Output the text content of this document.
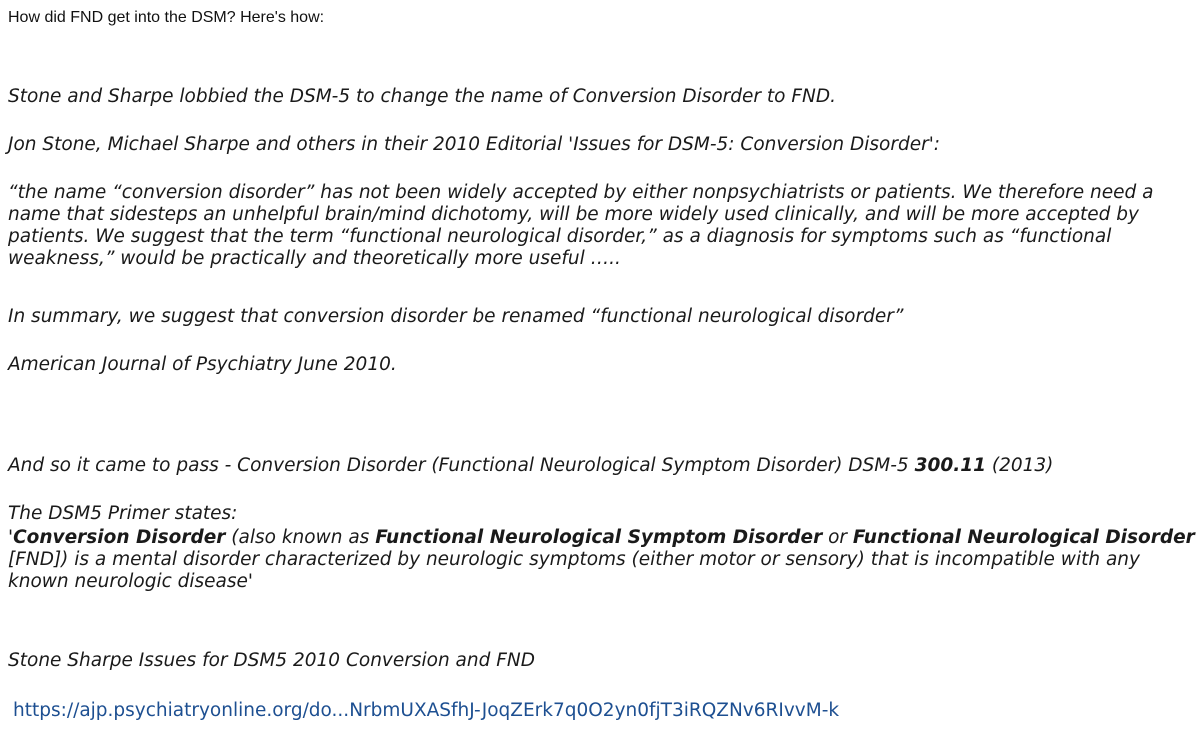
How did FND get into the DSM? Here's how:
Stone and Sharpe lobbied the DSM-5 to change the name of Conversion Disorder to FND.
Jon Stone, Michael Sharpe and others in their 2010 Editorial 'Issues for DSM-5: Conversion Disorder':
“the name “conversion disorder” has not been widely accepted by either nonpsychiatrists or patients. We therefore need a name that sidesteps an unhelpful brain/mind dichotomy, will be more widely used clinically, and will be more accepted by patients. We suggest that the term “functional neurological disorder,” as a diagnosis for symptoms such as “functional weakness,” would be practically and theoretically more useful …..
In summary, we suggest that conversion disorder be renamed “functional neurological disorder”
American Journal of Psychiatry June 2010.
And so it came to pass - Conversion Disorder (Functional Neurological Symptom Disorder) DSM-5 300.11 (2013)
The DSM5 Primer states:
'Conversion Disorder (also known as Functional Neurological Symptom Disorder or Functional Neurological Disorder [FND]) is a mental disorder characterized by neurologic symptoms (either motor or sensory) that is incompatible with any known neurologic disease'
Stone Sharpe Issues for DSM5 2010 Conversion and FND
https://ajp.psychiatryonline.org/do...NrbmUXASfhJ-JoqZErk7q0O2yn0fjT3iRQZNv6RIvvM-k
